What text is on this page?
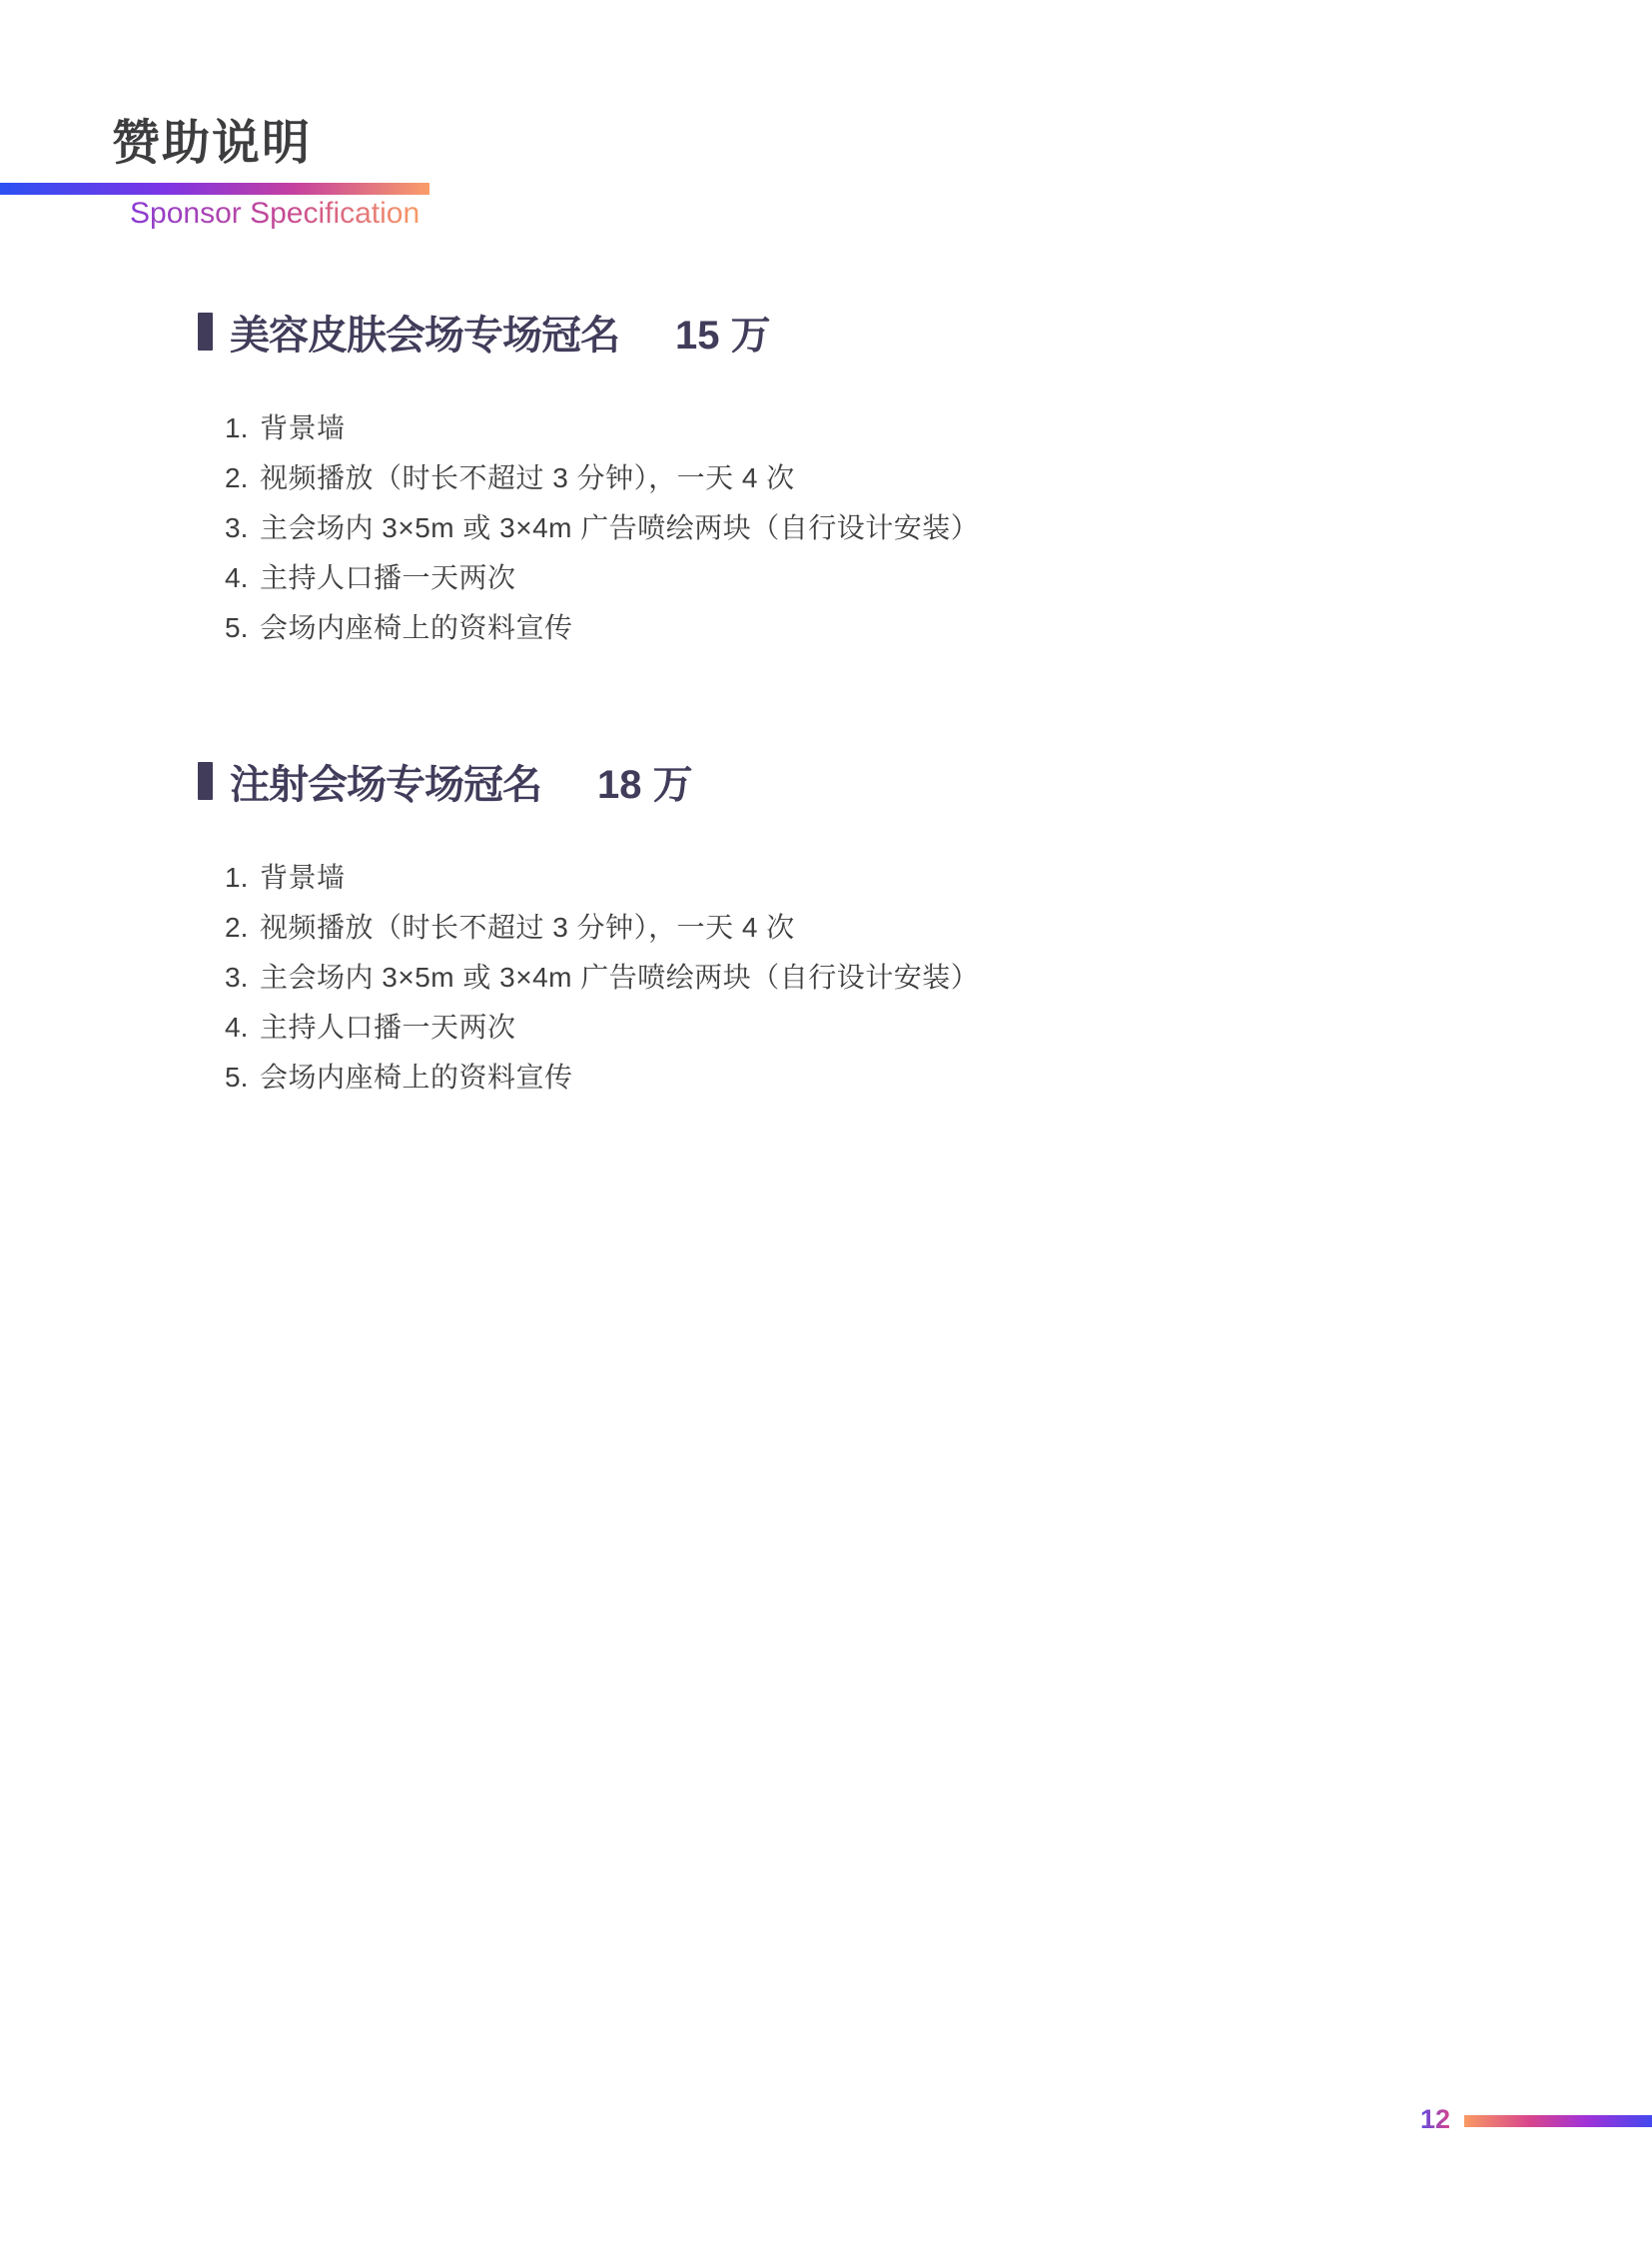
赞助说明
Sponsor Specification
美容皮肤会场专场冠名 15 万
1. 背景墙
2. 视频播放（时长不超过 3 分钟），一天 4 次
3. 主会场内 3×5m 或 3×4m 广告喷绘两块（自行设计安装）
4. 主持人口播一天两次
5. 会场内座椅上的资料宣传
注射会场专场冠名 18 万
1. 背景墙
2. 视频播放（时长不超过 3 分钟），一天 4 次
3. 主会场内 3×5m 或 3×4m 广告喷绘两块（自行设计安装）
4. 主持人口播一天两次
5. 会场内座椅上的资料宣传
12
